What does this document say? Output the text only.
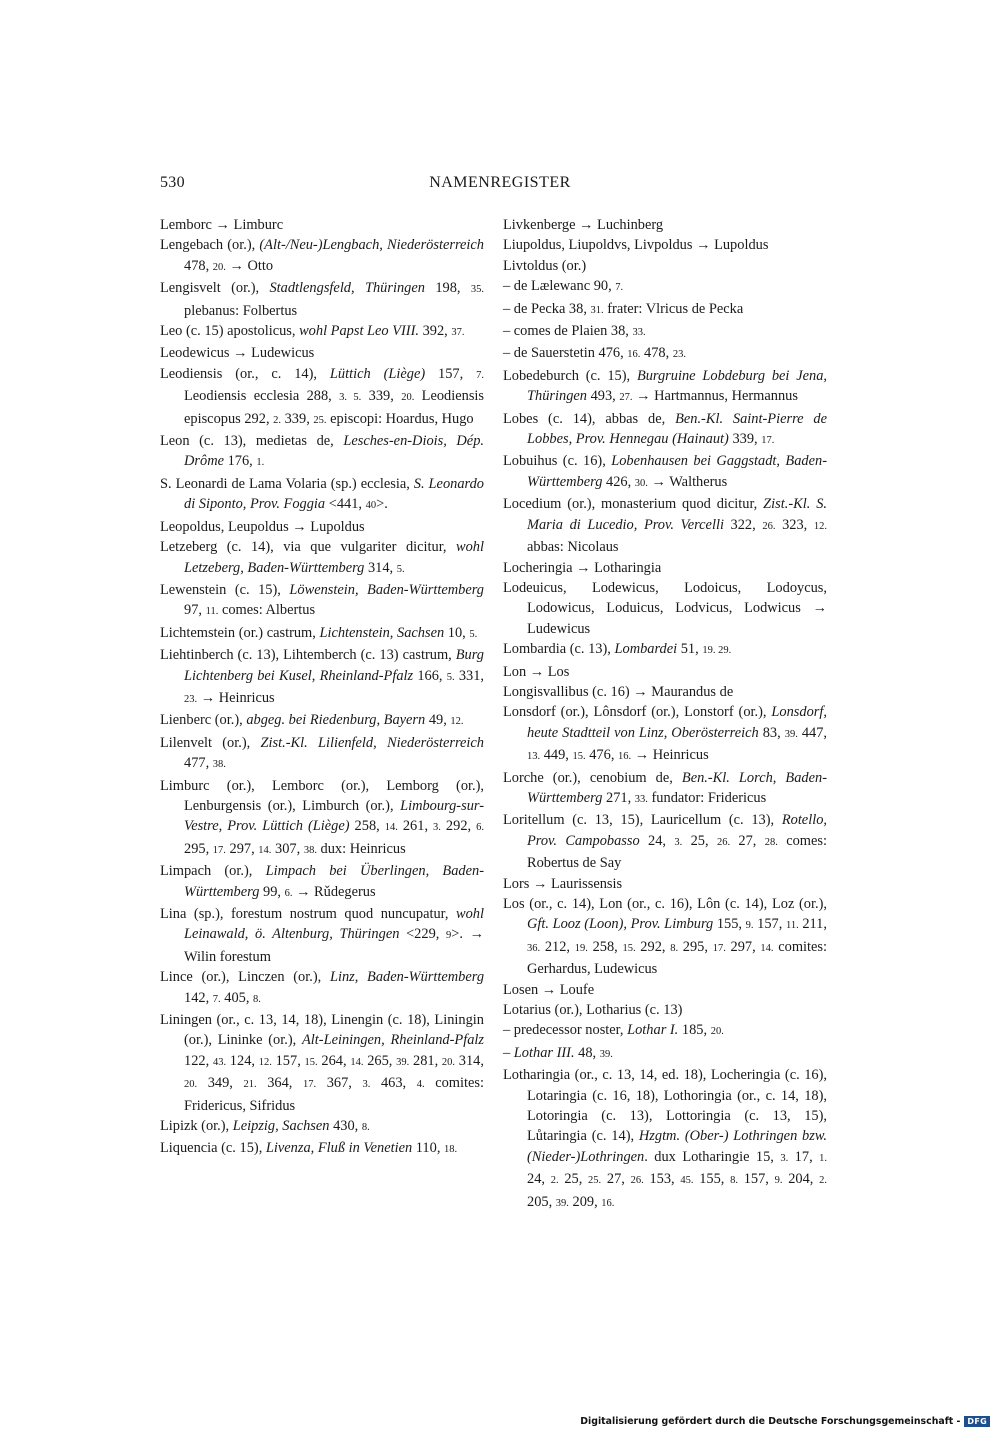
530	NAMENREGISTER
Lemborc → Limburc
Lengebach (or.), (Alt-/Neu-)Lengbach, Niederösterreich 478, 20. → Otto
Lengisvelt (or.), Stadtlengsfeld, Thüringen 198, 35. plebanus: Folbertus
Leo (c. 15) apostolicus, wohl Papst Leo VIII. 392, 37.
Leodewicus → Ludewicus
Leodiensis (or., c. 14), Lüttich (Liège) 157, 7. Leodiensis ecclesia 288, 3. 5. 339, 20. Leodiensis episcopus 292, 2. 339, 25. episcopi: Hoardus, Hugo
Leon (c. 13), medietas de, Lesches-en-Diois, Dép. Drôme 176, 1.
S. Leonardi de Lama Volaria (sp.) ecclesia, S. Leonardo di Siponto, Prov. Foggia <441, 40>.
Leopoldus, Leupoldus → Lupoldus
Letzeberg (c. 14), via que vulgariter dicitur, wohl Letzeberg, Baden-Württemberg 314, 5.
Lewenstein (c. 15), Löwenstein, Baden-Württemberg 97, 11. comes: Albertus
Lichtemstein (or.) castrum, Lichtenstein, Sachsen 10, 5.
Liehtinberch (c. 13), Lihtemberch (c. 13) castrum, Burg Lichtenberg bei Kusel, Rheinland-Pfalz 166, 5. 331, 23. → Heinricus
Lienberc (or.), abgeg. bei Riedenburg, Bayern 49, 12.
Lilenvelt (or.), Zist.-Kl. Lilienfeld, Niederösterreich 477, 38.
Limburc (or.), Lemborc (or.), Lemborg (or.), Lenburgensis (or.), Limburch (or.), Limbourg-sur-Vestre, Prov. Lüttich (Liège) 258, 14. 261, 3. 292, 6. 295, 17. 297, 14. 307, 38. dux: Heinricus
Limpach (or.), Limpach bei Überlingen, Baden-Württemberg 99, 6. → Rǔdegerus
Lina (sp.), forestum nostrum quod nuncupatur, wohl Leinawald, ö. Altenburg, Thüringen <229, 9>. → Wilin forestum
Lince (or.), Linczen (or.), Linz, Baden-Württemberg 142, 7. 405, 8.
Liningen (or., c. 13, 14, 18), Linengin (c. 18), Liningin (or.), Lininke (or.), Alt-Leiningen, Rheinland-Pfalz 122, 43. 124, 12. 157, 15. 264, 14. 265, 39. 281, 20. 314, 20. 349, 21. 364, 17. 367, 3. 463, 4. comites: Fridericus, Sifridus
Lipizk (or.), Leipzig, Sachsen 430, 8.
Liquencia (c. 15), Livenza, Fluß in Venetien 110, 18.
Livkenberge → Luchinberg
Liupoldus, Liupoldvs, Livpoldus → Lupoldus
Livtoldus (or.)
– de Lælewanc 90, 7.
– de Pecka 38, 31. frater: Vlricus de Pecka
– comes de Plaien 38, 33.
– de Sauerstetin 476, 16. 478, 23.
Lobedeburch (c. 15), Burgruine Lobdeburg bei Jena, Thüringen 493, 27. → Hartmannus, Hermannus
Lobes (c. 14), abbas de, Ben.-Kl. Saint-Pierre de Lobbes, Prov. Hennegau (Hainaut) 339, 17.
Lobuihus (c. 16), Lobenhausen bei Gaggstadt, Baden-Württemberg 426, 30. → Waltherus
Locedium (or.), monasterium quod dicitur, Zist.-Kl. S. Maria di Lucedio, Prov. Vercelli 322, 26. 323, 12. abbas: Nicolaus
Locheringia → Lotharingia
Lodeuicus, Lodewicus, Lodoicus, Lodoycus, Lodowicus, Loduicus, Lodvicus, Lodwicus → Ludewicus
Lombardia (c. 13), Lombardei 51, 19. 29.
Lon → Los
Longisvallibus (c. 16) → Maurandus de
Lonsdorf (or.), Lônsdorf (or.), Lonstorf (or.), Lonsdorf, heute Stadtteil von Linz, Oberösterreich 83, 39. 447, 13. 449, 15. 476, 16. → Heinricus
Lorche (or.), cenobium de, Ben.-Kl. Lorch, Baden-Württemberg 271, 33. fundator: Fridericus
Loritellum (c. 13, 15), Lauricellum (c. 13), Rotello, Prov. Campobasso 24, 3. 25, 26. 27, 28. comes: Robertus de Say
Lors → Laurissensis
Los (or., c. 14), Lon (or., c. 16), Lôn (c. 14), Loz (or.), Gft. Looz (Loon), Prov. Limburg 155, 9. 157, 11. 211, 36. 212, 19. 258, 15. 292, 8. 295, 17. 297, 14. comites: Gerhardus, Ludewicus
Losen → Loufe
Lotarius (or.), Lotharius (c. 13)
– predecessor noster, Lothar I. 185, 20.
– Lothar III. 48, 39.
Lotharingia (or., c. 13, 14, ed. 18), Locheringia (c. 16), Lotaringia (c. 16, 18), Lothoringia (or., c. 14, 18), Lotoringia (c. 13), Lottoringia (c. 13, 15), Lůtaringia (c. 14), Hzgtm. (Ober-) Lothringen bzw. (Nieder-)Lothringen. dux Lotharingie 15, 3. 17, 1. 24, 2. 25, 25. 27, 26. 153, 45. 155, 8. 157, 9. 204, 2. 205, 39. 209, 16.
Digitalisierung gefördert durch die Deutsche Forschungsgemeinschaft - DFG
